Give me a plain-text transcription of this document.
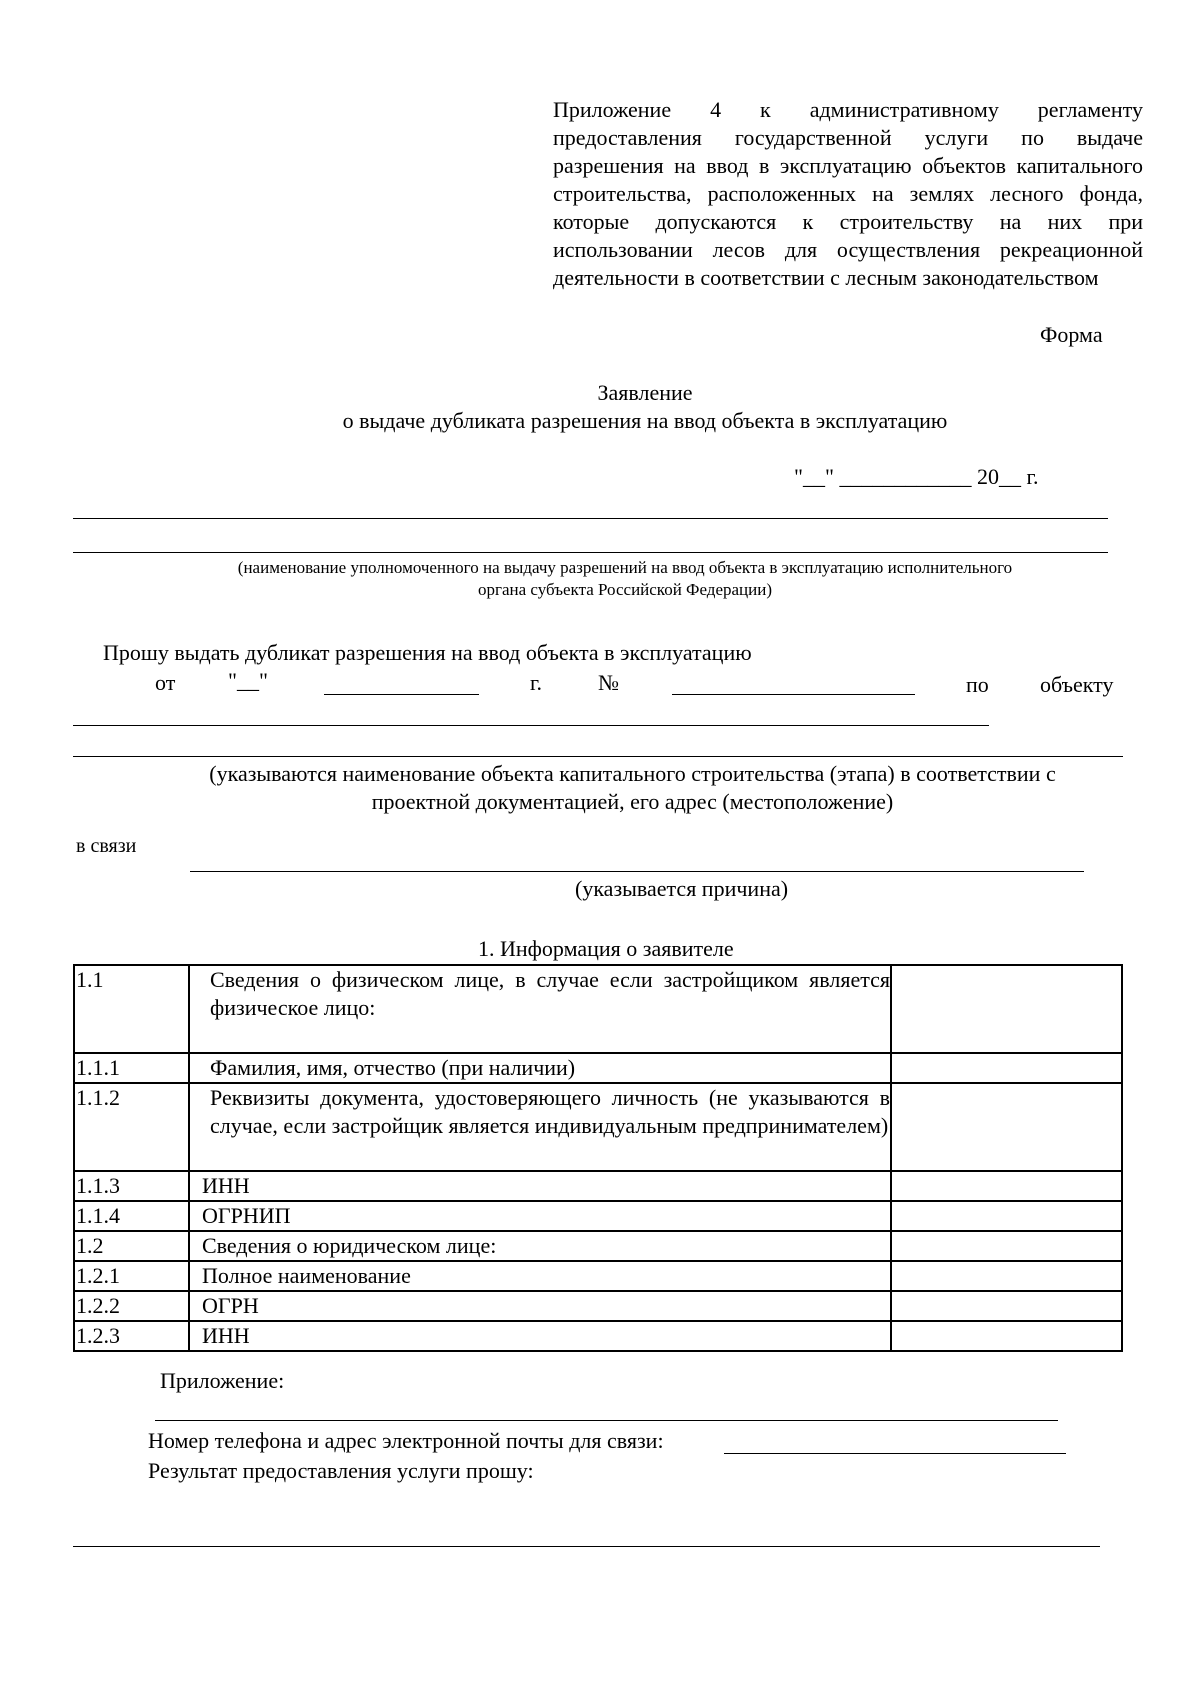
Приложение 4 к административному регламенту предоставления государственной услуги по выдаче разрешения на ввод в эксплуатацию объектов капитального строительства, расположенных на землях лесного фонда, которые допускаются к строительству на них при использовании лесов для осуществления рекреационной деятельности в соответствии с лесным законодательством
Форма
Заявление
о выдаче дубликата разрешения на ввод объекта в эксплуатацию
"__" ____________ 20__ г.
(наименование уполномоченного на выдачу разрешений на ввод объекта в эксплуатацию исполнительного
органа субъекта Российской Федерации)
Прошу выдать дубликат разрешения на ввод объекта в эксплуатацию
от "__"	г.	№	по объекту
(указываются наименование объекта капитального строительства (этапа) в соответствии с
проектной документацией, его адрес (местоположение)
в связи
(указывается причина)
1. Информация о заявителе
1.1	Сведения о физическом лице, в случае если застройщиком является физическое лицо:	
1.1.1	Фамилия, имя, отчество (при наличии)	
1.1.2	Реквизиты документа, удостоверяющего личность (не указываются в случае, если застройщик является индивидуальным предпринимателем)	
1.1.3	ИНН	
1.1.4	ОГРНИП	
1.2	Сведения о юридическом лице:	
1.2.1	Полное наименование	
1.2.2	ОГРН	
1.2.3	ИНН	
Приложение:
Номер телефона и адрес электронной почты для связи:
Результат предоставления услуги прошу:
